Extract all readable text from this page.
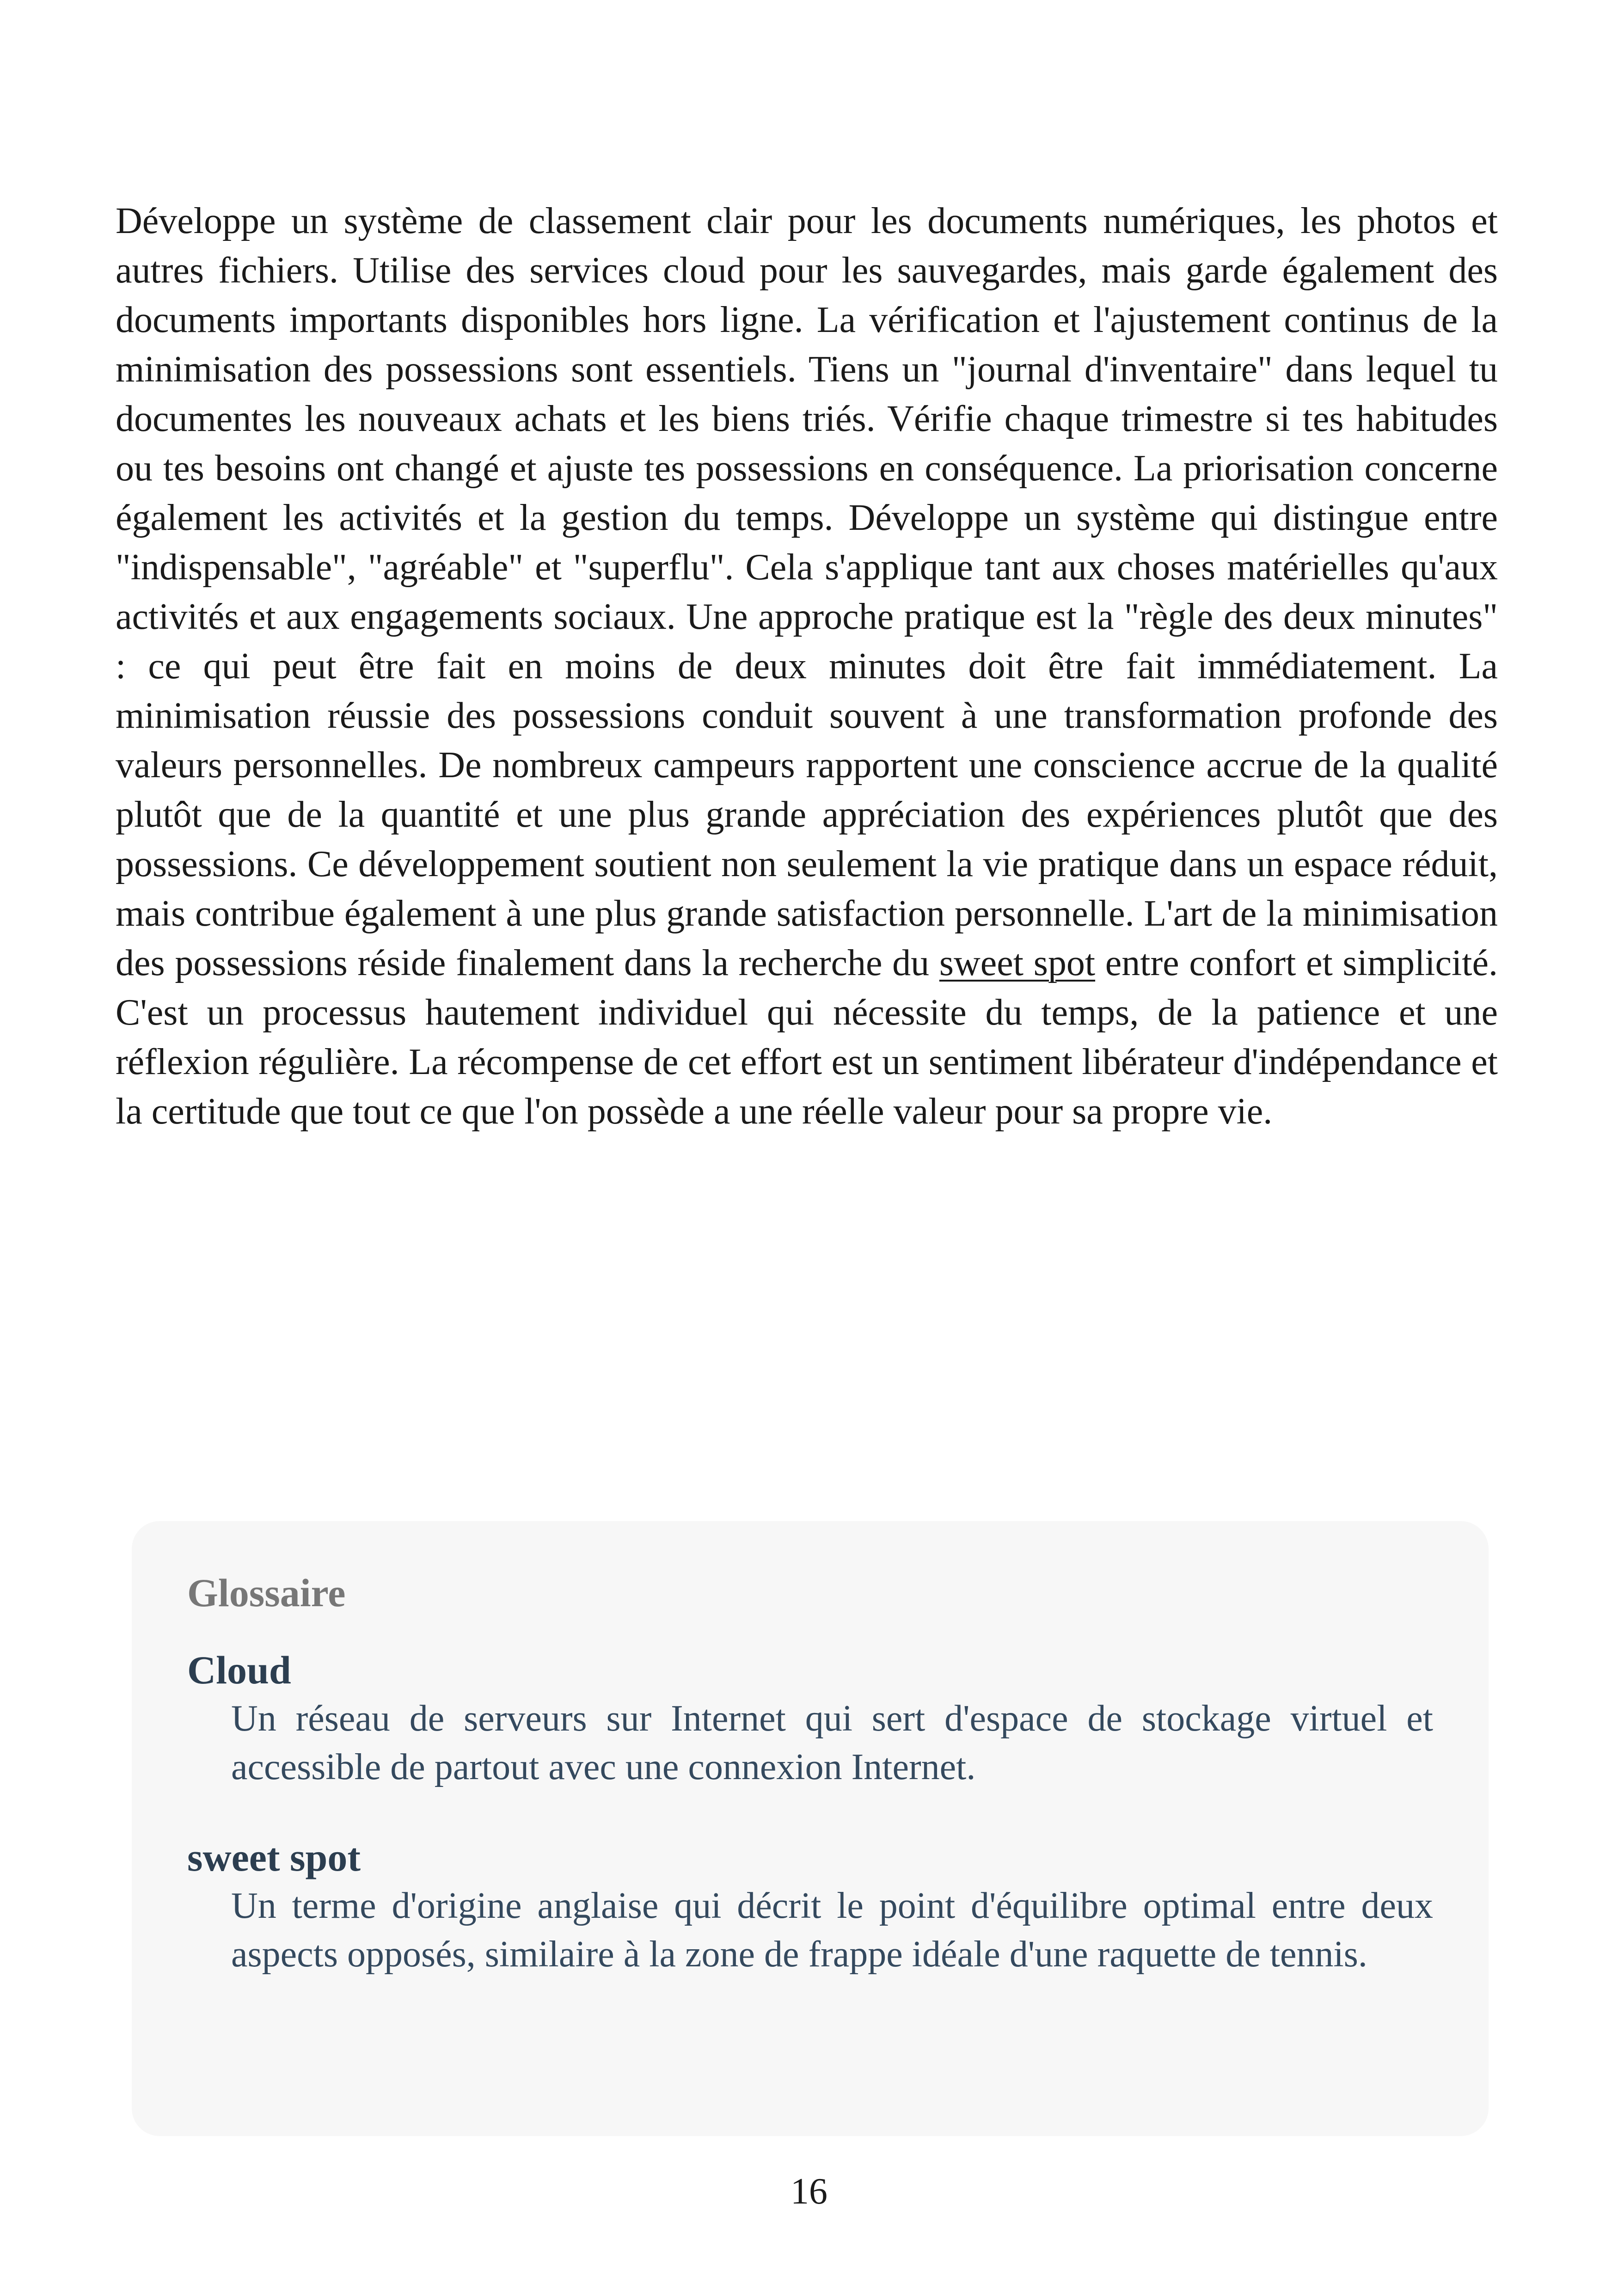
Développe un système de classement clair pour les documents numériques, les photos et autres fichiers. Utilise des services cloud pour les sauvegardes, mais garde également des documents importants disponibles hors ligne. La vérification et l'ajustement continus de la minimisation des possessions sont essentiels. Tiens un "journal d'inventaire" dans lequel tu documentes les nouveaux achats et les biens triés. Vérifie chaque trimestre si tes habitudes ou tes besoins ont changé et ajuste tes possessions en conséquence. La priorisation concerne également les activités et la gestion du temps. Développe un système qui distingue entre "indispensable", "agréable" et "superflu". Cela s'applique tant aux choses matérielles qu'aux activités et aux engagements sociaux. Une approche pratique est la "règle des deux minutes" : ce qui peut être fait en moins de deux minutes doit être fait immédiatement. La minimisation réussie des possessions conduit souvent à une transformation profonde des valeurs personnelles. De nombreux campeurs rapportent une conscience accrue de la qualité plutôt que de la quantité et une plus grande appréciation des expériences plutôt que des possessions. Ce développement soutient non seulement la vie pratique dans un espace réduit, mais contribue également à une plus grande satisfaction personnelle. L'art de la minimisation des possessions réside finalement dans la recherche du sweet spot entre confort et simplicité. C'est un processus hautement individuel qui nécessite du temps, de la patience et une réflexion régulière. La récompense de cet effort est un sentiment libérateur d'indépendance et la certitude que tout ce que l'on possède a une réelle valeur pour sa propre vie.

Glossaire

Cloud

Un réseau de serveurs sur Internet qui sert d'espace de stockage virtuel et accessible de partout avec une connexion Internet.

sweet spot

Un terme d'origine anglaise qui décrit le point d'équilibre optimal entre deux aspects opposés, similaire à la zone de frappe idéale d'une raquette de tennis.

16
